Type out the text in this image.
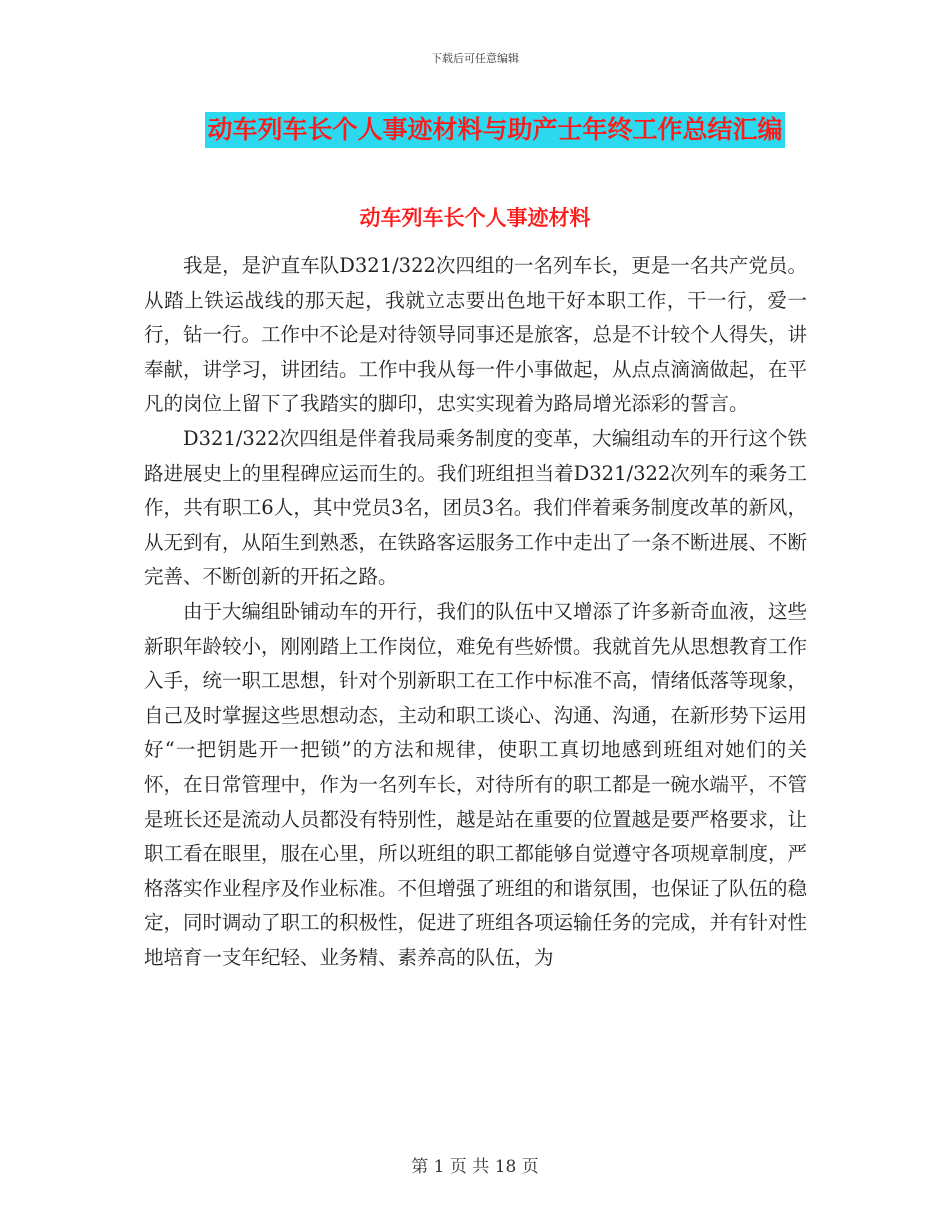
下载后可任意编辑
动车列车长个人事迹材料与助产士年终工作总结汇编
动车列车长个人事迹材料

我是，是沪直车队D321/322次四组的一名列车长，更是一名共产党员。从踏上铁运战线的那天起，我就立志要出色地干好本职工作，干一行，爱一行，钻一行。工作中不论是对待领导同事还是旅客，总是不计较个人得失，讲奉献，讲学习，讲团结。工作中我从每一件小事做起，从点点滴滴做起，在平凡的岗位上留下了我踏实的脚印，忠实实现着为路局增光添彩的誓言。

D321/322次四组是伴着我局乘务制度的变革，大编组动车的开行这个铁路进展史上的里程碑应运而生的。我们班组担当着D321/322次列车的乘务工作，共有职工6人，其中党员3名，团员3名。我们伴着乘务制度改革的新风，从无到有，从陌生到熟悉，在铁路客运服务工作中走出了一条不断进展、不断完善、不断创新的开拓之路。

由于大编组卧铺动车的开行，我们的队伍中又增添了许多新奇血液，这些新职年龄较小，刚刚踏上工作岗位，难免有些娇惯。我就首先从思想教育工作入手，统一职工思想，针对个别新职工在工作中标准不高，情绪低落等现象，自己及时掌握这些思想动态，主动和职工谈心、沟通、沟通，在新形势下运用好“一把钥匙开一把锁”的方法和规律，使职工真切地感到班组对她们的关怀，在日常管理中，作为一名列车长，对待所有的职工都是一碗水端平，不管是班长还是流动人员都没有特别性，越是站在重要的位置越是要严格要求，让职工看在眼里，服在心里，所以班组的职工都能够自觉遵守各项规章制度，严格落实作业程序及作业标准。不但增强了班组的和谐氛围，也保证了队伍的稳定，同时调动了职工的积极性，促进了班组各项运输任务的完成，并有针对性地培育一支年纪轻、业务精、素养高的队伍，为

第 1 页 共 18 页
